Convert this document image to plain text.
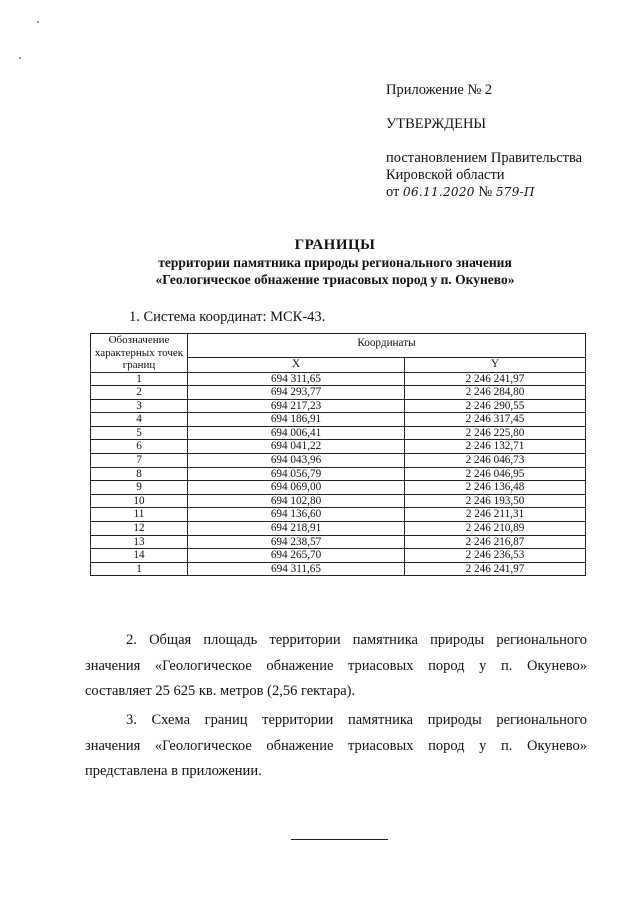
Приложение № 2
УТВЕРЖДЕНЫ
постановлением Правительства
Кировской области
от 06.11.2020 № 579-П
ГРАНИЦЫ
территории памятника природы регионального значения
«Геологическое обнажение триасовых пород у п. Окунево»
1. Система координат: МСК-43.
Обозначение характерных точек границ	Координаты	
	X	Y
1	694 311,65	2 246 241,97
2	694 293,77	2 246 284,80
3	694 217,23	2 246 290,55
4	694 186,91	2 246 317,45
5	694 006,41	2 246 225,80
6	694 041,22	2 246 132,71
7	694 043,96	2 246 046,73
8	694 056,79	2 246 046,95
9	694 069,00	2 246 136,48
10	694 102,80	2 246 193,50
11	694 136,60	2 246 211,31
12	694 218,91	2 246 210,89
13	694 238,57	2 246 216,87
14	694 265,70	2 246 236,53
1	694 311,65	2 246 241,97

2. Общая площадь территории памятника природы регионального

значения «Геологическое обнажение триасовых пород у п. Окунево»

составляет 25 625 кв. метров (2,56 гектара).

3. Схема границ территории памятника природы регионального

значения «Геологическое обнажение триасовых пород у п. Окунево»

представлена в приложении.
